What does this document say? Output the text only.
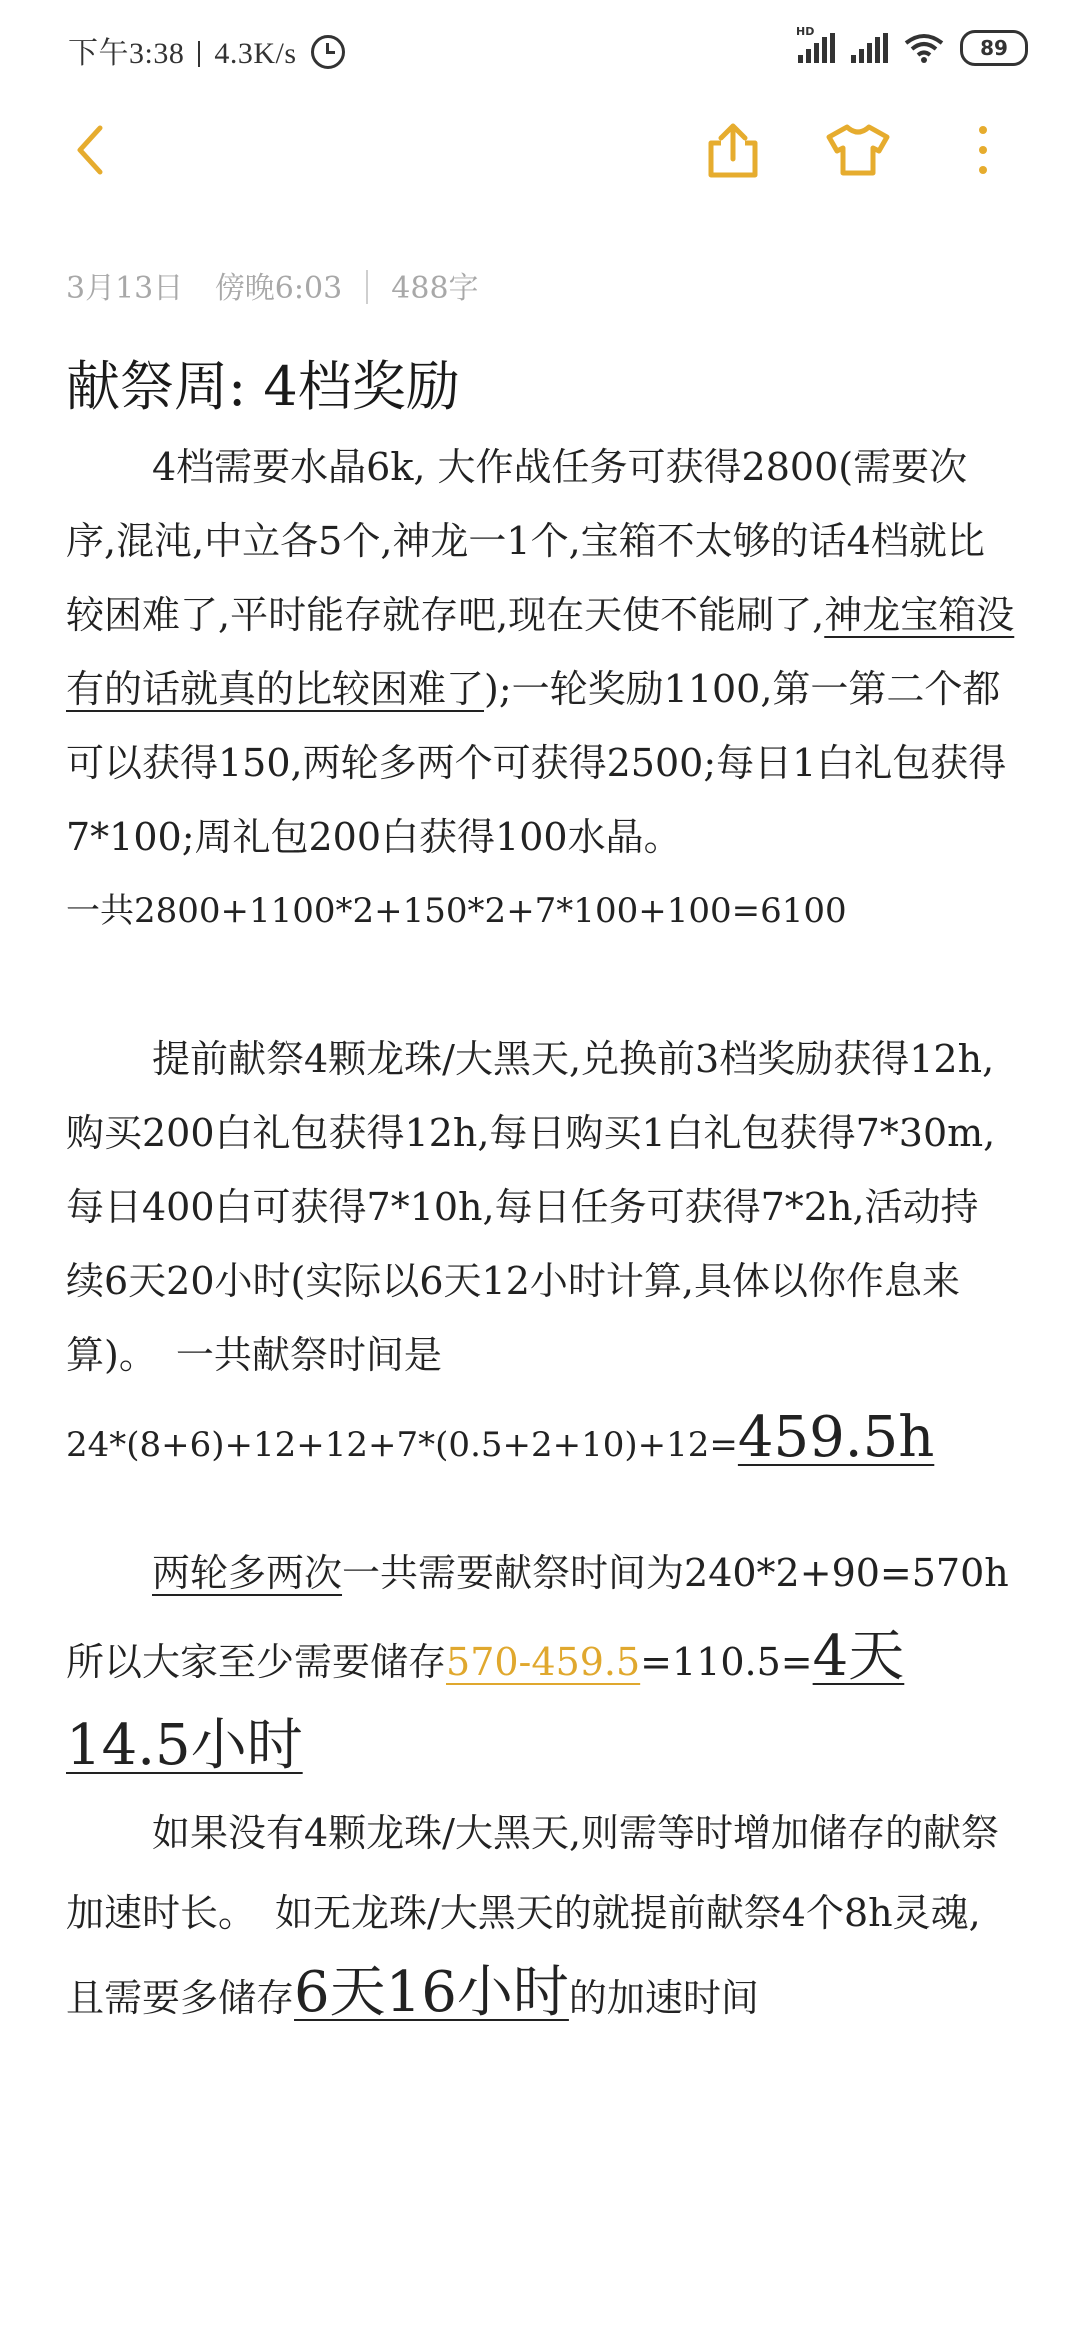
下午3:38 4.3K/s
HD
89
3月13日 傍晚6:03 488字
献祭周: 4档奖励

4档需要水晶6k, 大作战任务可获得2800(需要次序,混沌,中立各5个,神龙一1个,宝箱不太够的话4档就比较困难了,平时能存就存吧,现在天使不能刷了,神龙宝箱没有的话就真的比较困难了);一轮奖励1100,第一第二个都可以获得150,两轮多两个可获得2500;每日1白礼包获得7*100;周礼包200白获得100水晶。

一共2800+1100*2+150*2+7*100+100=6100

提前献祭4颗龙珠/大黑天,兑换前3档奖励获得12h,购买200白礼包获得12h,每日购买1白礼包获得7*30m,每日400白可获得7*10h,每日任务可获得7*2h,活动持续6天20小时(实际以6天12小时计算,具体以你作息来算)。　一共献祭时间是

24*(8+6)+12+12+7*(0.5+2+10)+12=459.5h

两轮多两次一共需要献祭时间为240*2+90=570h　所以大家至少需要储存570-459.5=110.5=4天14.5小时

如果没有4颗龙珠/大黑天,则需等时增加储存的献祭加速时长。　如无龙珠/大黑天的就提前献祭4个8h灵魂,且需要多储存6天16小时的加速时间
